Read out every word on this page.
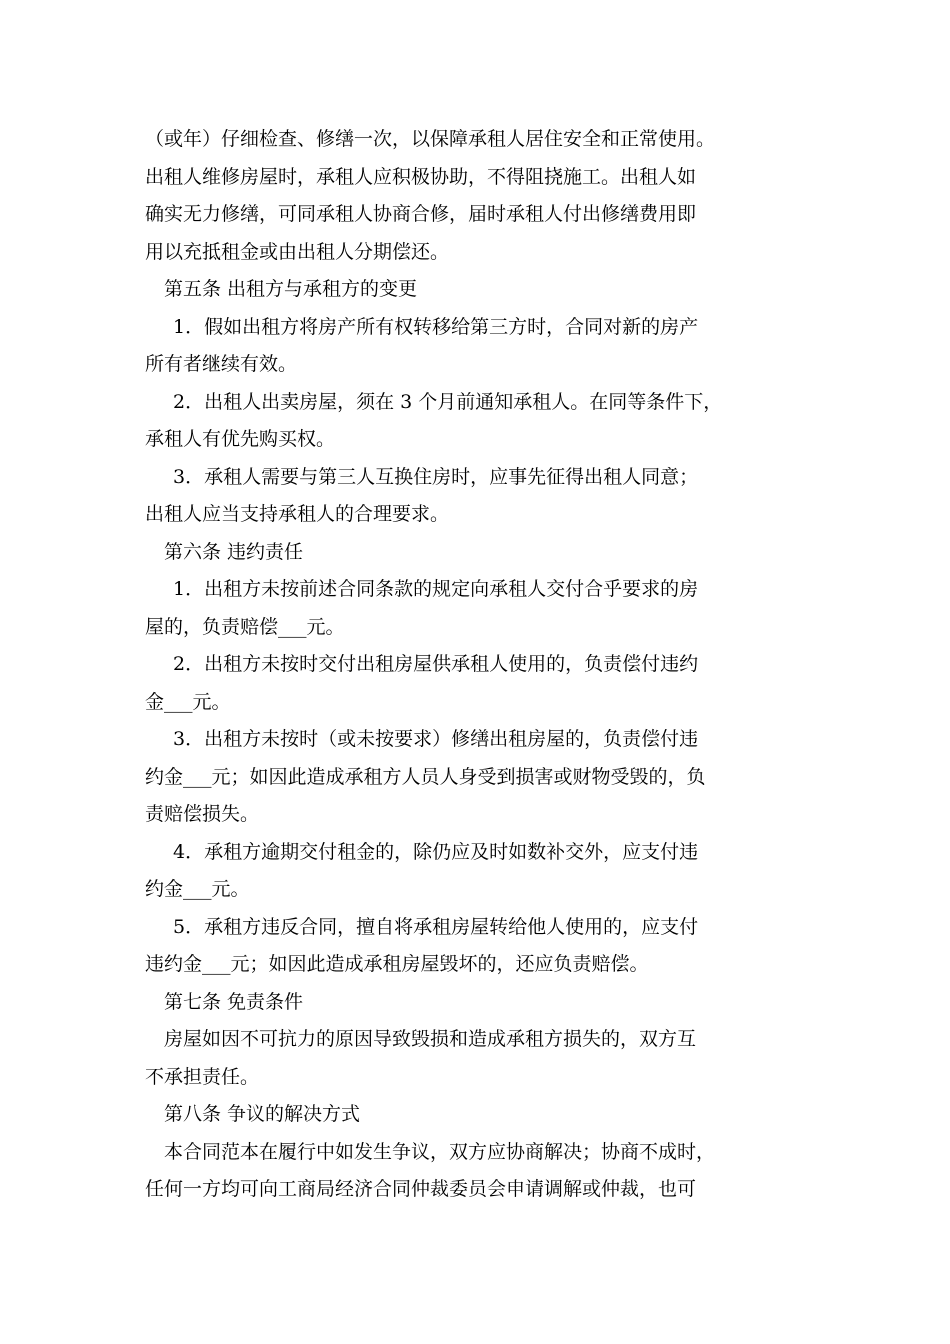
（或年）仔细检查、修缮一次，以保障承租人居住安全和正常使用。
出租人维修房屋时，承租人应积极协助，不得阻挠施工。出租人如
确实无力修缮，可同承租人协商合修，届时承租人付出修缮费用即
用以充抵租金或由出租人分期偿还。
第五条 出租方与承租方的变更
1．假如出租方将房产所有权转移给第三方时，合同对新的房产
所有者继续有效。
2．出租人出卖房屋，须在 3 个月前通知承租人。在同等条件下，
承租人有优先购买权。
3．承租人需要与第三人互换住房时，应事先征得出租人同意；
出租人应当支持承租人的合理要求。
第六条 违约责任
1．出租方未按前述合同条款的规定向承租人交付合乎要求的房
屋的，负责赔偿___元。
2．出租方未按时交付出租房屋供承租人使用的，负责偿付违约
金___元。
3．出租方未按时（或未按要求）修缮出租房屋的，负责偿付违
约金___元；如因此造成承租方人员人身受到损害或财物受毁的，负
责赔偿损失。
4．承租方逾期交付租金的，除仍应及时如数补交外，应支付违
约金___元。
5．承租方违反合同，擅自将承租房屋转给他人使用的，应支付
违约金___元；如因此造成承租房屋毁坏的，还应负责赔偿。
第七条 免责条件
房屋如因不可抗力的原因导致毁损和造成承租方损失的，双方互
不承担责任。
第八条 争议的解决方式
本合同范本在履行中如发生争议，双方应协商解决；协商不成时，
任何一方均可向工商局经济合同仲裁委员会申请调解或仲裁，也可
